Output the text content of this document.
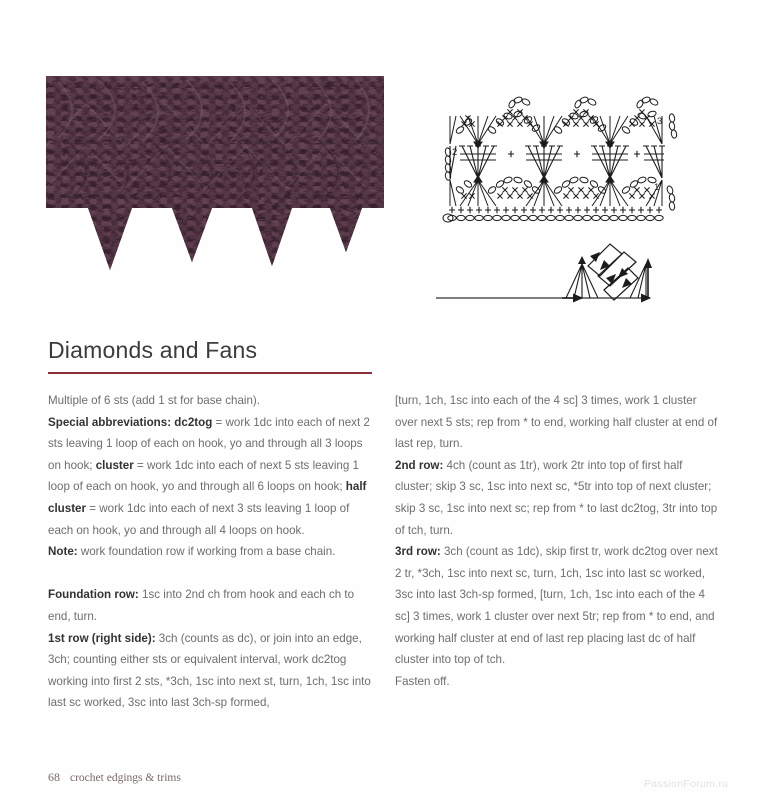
1
2
3
Diamonds and Fans

Multiple of 6 sts (add 1 st for base chain).

Special abbreviations: dc2tog = work 1dc into each of next 2 sts leaving 1 loop of each on hook, yo and through all 3 loops on hook; cluster = work 1dc into each of next 5 sts leaving 1 loop of each on hook, yo and through all 6 loops on hook; half cluster = work 1dc into each of next 3 sts leaving 1 loop of each on hook, yo and through all 4 loops on hook.

Note: work foundation row if working from a base chain.

Foundation row: 1sc into 2nd ch from hook and each ch to end, turn.

1st row (right side): 3ch (counts as dc), or join into an edge, 3ch; counting either sts or equivalent interval, work dc2tog working into first 2 sts, *3ch, 1sc into next st, turn, 1ch, 1sc into last sc worked, 3sc into last 3ch-sp formed,

[turn, 1ch, 1sc into each of the 4 sc] 3 times, work 1 cluster over next 5 sts; rep from * to end, working half cluster at end of last rep, turn.

2nd row: 4ch (count as 1tr), work 2tr into top of first half cluster; skip 3 sc, 1sc into next sc, *5tr into top of next cluster; skip 3 sc, 1sc into next sc; rep from * to last dc2tog, 3tr into top of tch, turn.

3rd row: 3ch (count as 1dc), skip first tr, work dc2tog over next 2 tr, *3ch, 1sc into next sc, turn, 1ch, 1sc into last sc worked, 3sc into last 3ch-sp formed, [turn, 1ch, 1sc into each of the 4 sc] 3 times, work 1 cluster over next 5tr; rep from * to end, and working half cluster at end of last rep placing last dc of half cluster into top of tch.

Fasten off.

68 crochet edgings & trims	PassionForum.ru
